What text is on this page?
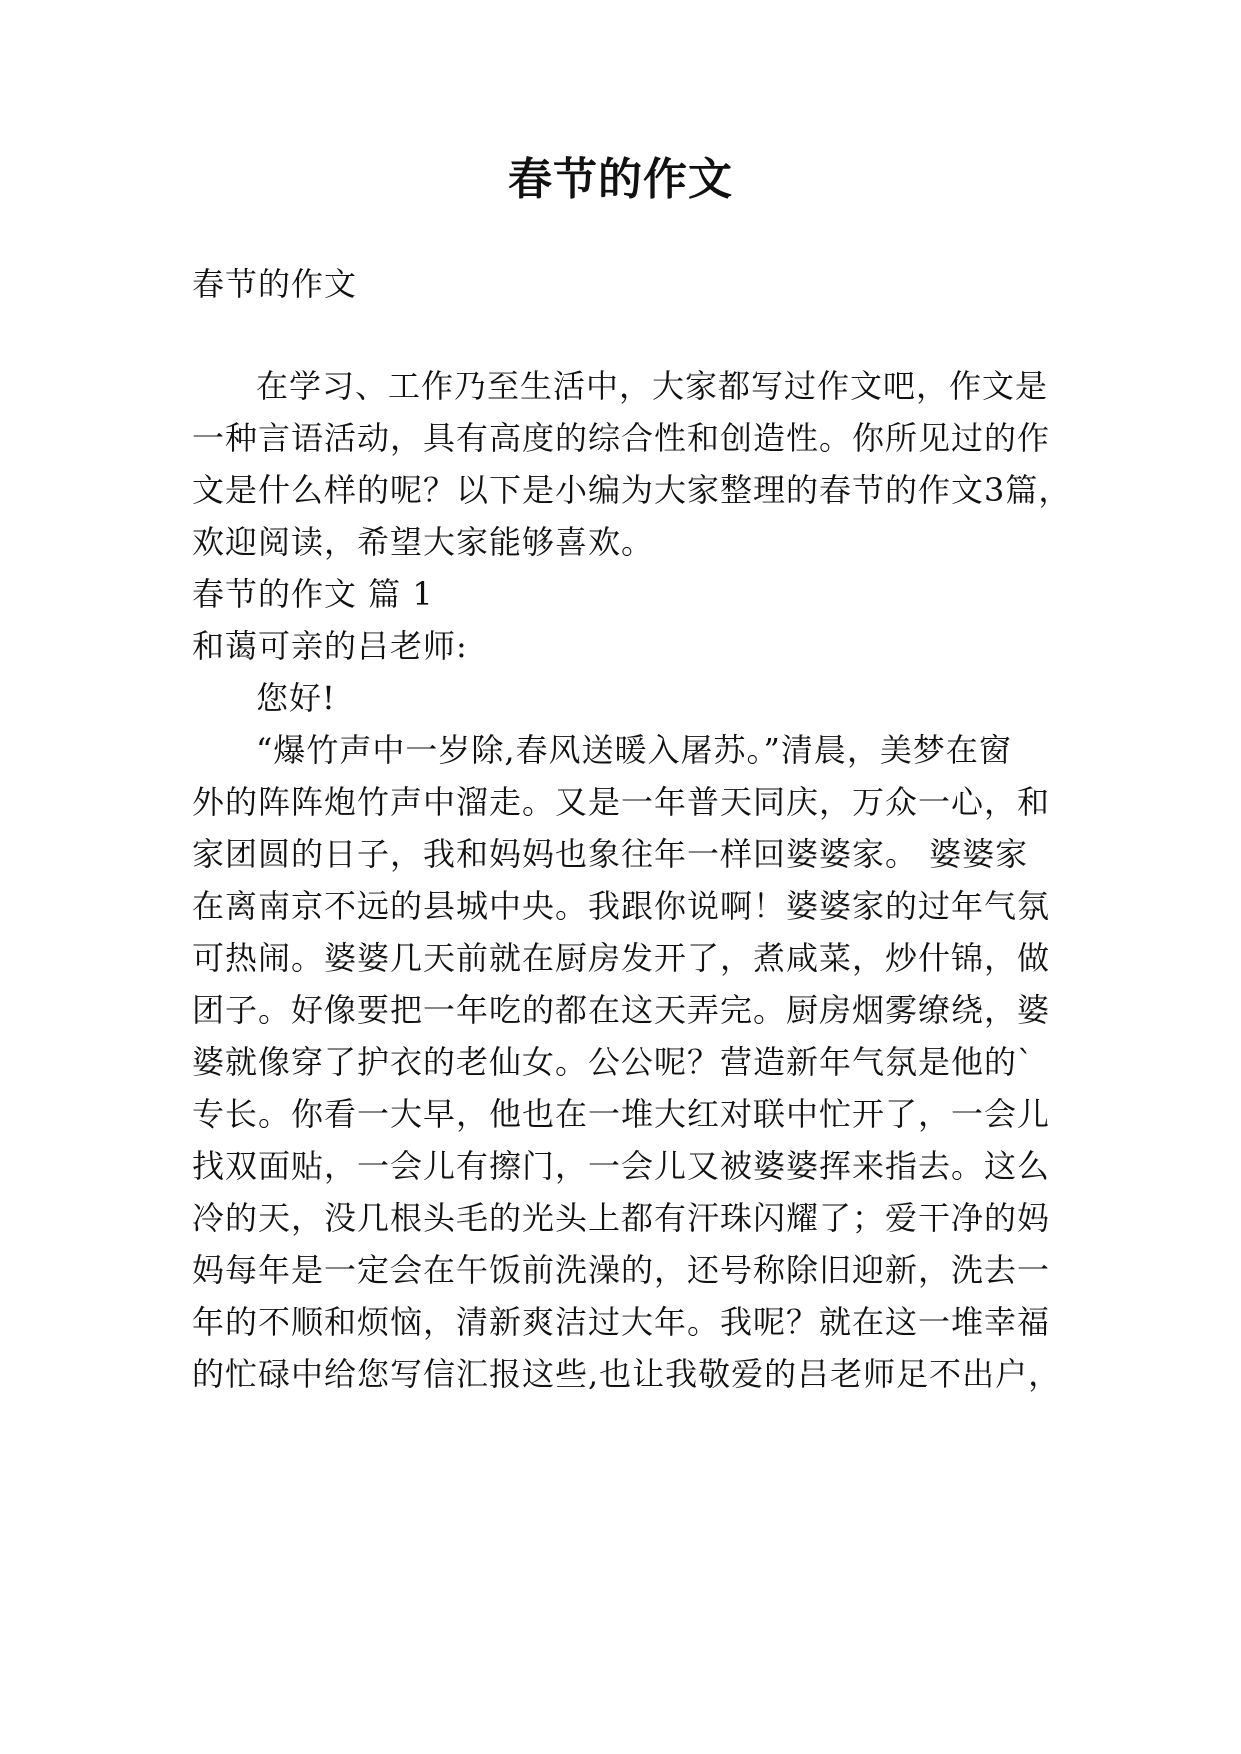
春节的作文

春节的作文

在学习、工作乃至生活中，大家都写过作文吧，作文是

一种言语活动，具有高度的综合性和创造性。你所见过的作

文是什么样的呢？以下是小编为大家整理的春节的作文3篇，

欢迎阅读，希望大家能够喜欢。

春节的作文 篇 1

和蔼可亲的吕老师:

您好!

“爆竹声中一岁除,春风送暖入屠苏。”清晨，美梦在窗

外的阵阵炮竹声中溜走。又是一年普天同庆，万众一心，和

家团圆的日子，我和妈妈也象往年一样回婆婆家。 婆婆家

在离南京不远的县城中央。我跟你说啊！婆婆家的过年气氛

可热闹。婆婆几天前就在厨房发开了，煮咸菜，炒什锦，做

团子。好像要把一年吃的都在这天弄完。厨房烟雾缭绕，婆

婆就像穿了护衣的老仙女。公公呢？营造新年气氛是他的`

专长。你看一大早，他也在一堆大红对联中忙开了，一会儿

找双面贴，一会儿有擦门，一会儿又被婆婆挥来指去。这么

冷的天，没几根头毛的光头上都有汗珠闪耀了；爱干净的妈

妈每年是一定会在午饭前洗澡的，还号称除旧迎新，洗去一

年的不顺和烦恼，清新爽洁过大年。我呢？就在这一堆幸福

的忙碌中给您写信汇报这些,也让我敬爱的吕老师足不出户，
